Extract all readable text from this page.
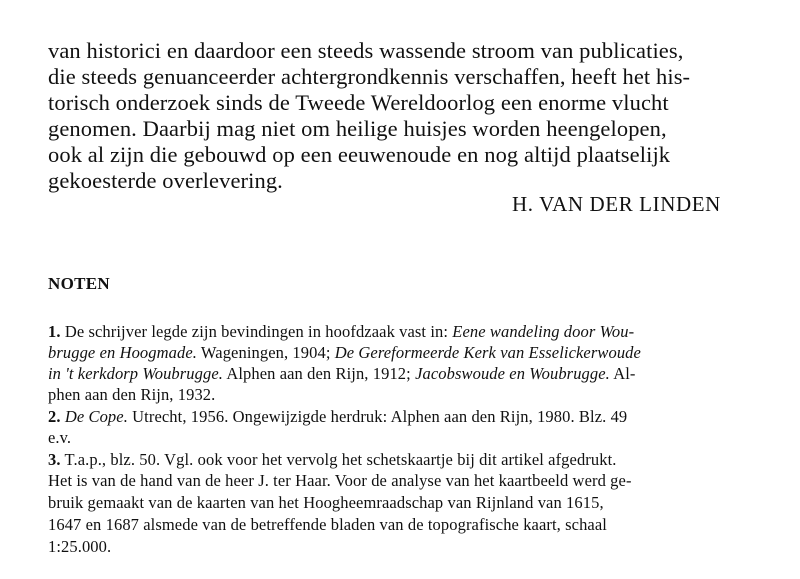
van historici en daardoor een steeds wassende stroom van publicaties,
die steeds genuanceerder achtergrondkennis verschaffen, heeft het his-
torisch onderzoek sinds de Tweede Wereldoorlog een enorme vlucht
genomen. Daarbij mag niet om heilige huisjes worden heengelopen,
ook al zijn die gebouwd op een eeuwenoude en nog altijd plaatselijk
gekoesterde overlevering.
H. VAN DER LINDEN
NOTEN
1. De schrijver legde zijn bevindingen in hoofdzaak vast in: Eene wandeling door Wou-
brugge en Hoogmade. Wageningen, 1904; De Gereformeerde Kerk van Esselickerwoude
in 't kerkdorp Woubrugge. Alphen aan den Rijn, 1912; Jacobswoude en Woubrugge. Al-
phen aan den Rijn, 1932.
2. De Cope. Utrecht, 1956. Ongewijzigde herdruk: Alphen aan den Rijn, 1980. Blz. 49
e.v.
3. T.a.p., blz. 50. Vgl. ook voor het vervolg het schetskaartje bij dit artikel afgedrukt.
Het is van de hand van de heer J. ter Haar. Voor de analyse van het kaartbeeld werd ge-
bruik gemaakt van de kaarten van het Hoogheemraadschap van Rijnland van 1615,
1647 en 1687 alsmede van de betreffende bladen van de topografische kaart, schaal
1:25.000.
